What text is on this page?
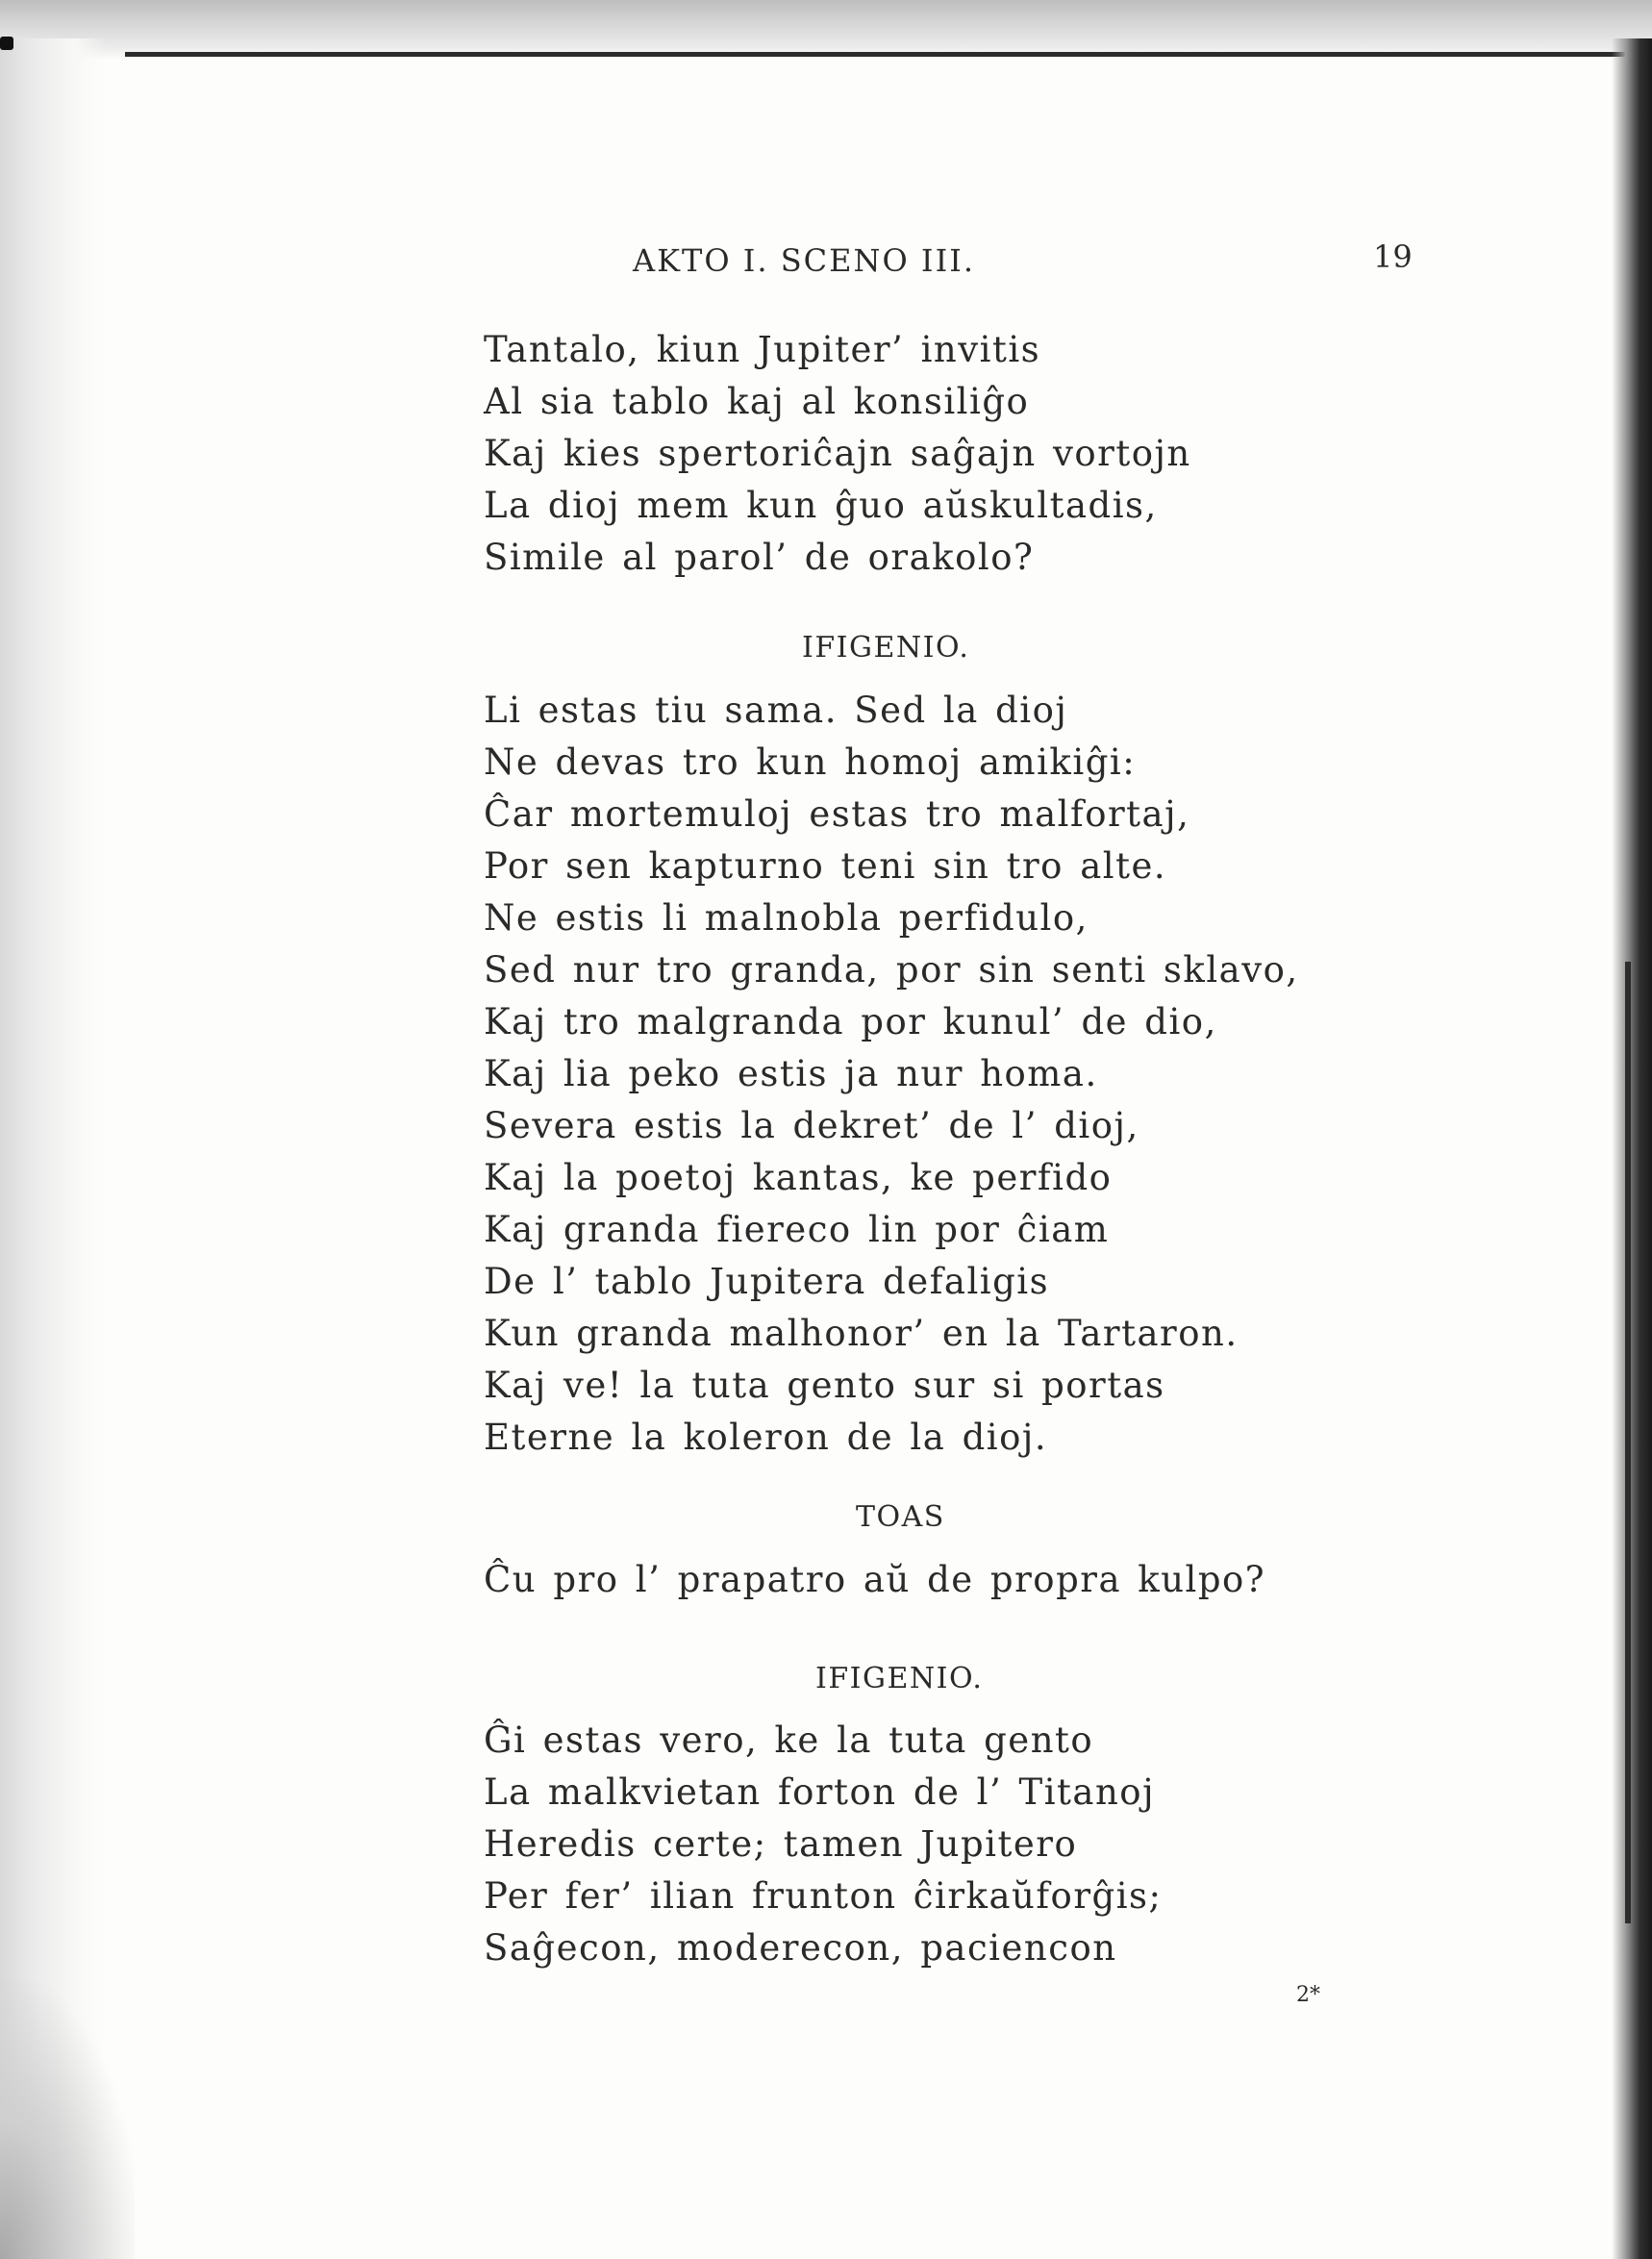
AKTO I. SCENO III.	19
Tantalo, kiun Jupiter’ invitis
Al sia tablo kaj al konsiliĝo
Kaj kies spertoriĉajn saĝajn vortojn
La dioj mem kun ĝuo aŭskultadis,
Simile al parol’ de orakolo?
IFIGENIO.
Li estas tiu sama. Sed la dioj
Ne devas tro kun homoj amikiĝi:
Ĉar mortemuloj estas tro malfortaj,
Por sen kapturno teni sin tro alte.
Ne estis li malnobla perfidulo,
Sed nur tro granda, por sin senti sklavo,
Kaj tro malgranda por kunul’ de dio,
Kaj lia peko estis ja nur homa.
Severa estis la dekret’ de l’ dioj,
Kaj la poetoj kantas, ke perfido
Kaj granda fiereco lin por ĉiam
De l’ tablo Jupitera defaligis
Kun granda malhonor’ en la Tartaron.
Kaj ve! la tuta gento sur si portas
Eterne la koleron de la dioj.
TOAS
Ĉu pro l’ prapatro aŭ de propra kulpo?
IFIGENIO.
Ĝi estas vero, ke la tuta gento
La malkvietan forton de l’ Titanoj
Heredis certe; tamen Jupitero
Per fer’ ilian frunton ĉirkaŭforĝis;
Saĝecon, moderecon, paciencon
2*
